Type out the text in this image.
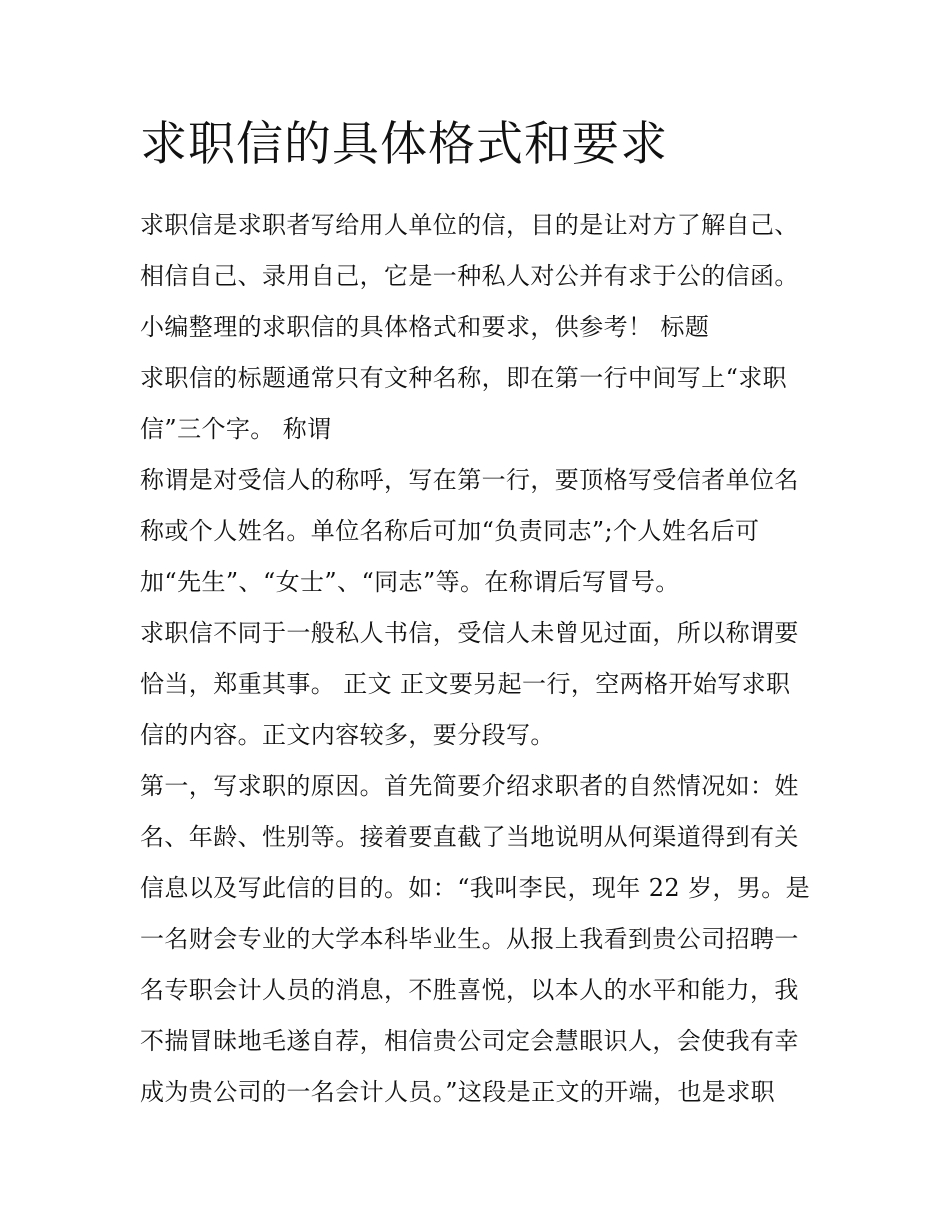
求职信的具体格式和要求
求职信是求职者写给用人单位的信，目的是让对方了解自己、
相信自己、录用自己，它是一种私人对公并有求于公的信函。
小编整理的求职信的具体格式和要求，供参考！ 标题
求职信的标题通常只有文种名称，即在第一行中间写上“求职
信”三个字。 称谓
称谓是对受信人的称呼，写在第一行，要顶格写受信者单位名
称或个人姓名。单位名称后可加“负责同志”;个人姓名后可
加“先生”、“女士”、“同志”等。在称谓后写冒号。
求职信不同于一般私人书信，受信人未曾见过面，所以称谓要
恰当，郑重其事。 正文 正文要另起一行，空两格开始写求职
信的内容。正文内容较多，要分段写。
第一，写求职的原因。首先简要介绍求职者的自然情况如：姓
名、年龄、性别等。接着要直截了当地说明从何渠道得到有关
信息以及写此信的目的。如：“我叫李民，现年 22 岁，男。是
一名财会专业的大学本科毕业生。从报上我看到贵公司招聘一
名专职会计人员的消息，不胜喜悦，以本人的水平和能力，我
不揣冒昧地毛遂自荐，相信贵公司定会慧眼识人，会使我有幸
成为贵公司的一名会计人员。”这段是正文的开端，也是求职
